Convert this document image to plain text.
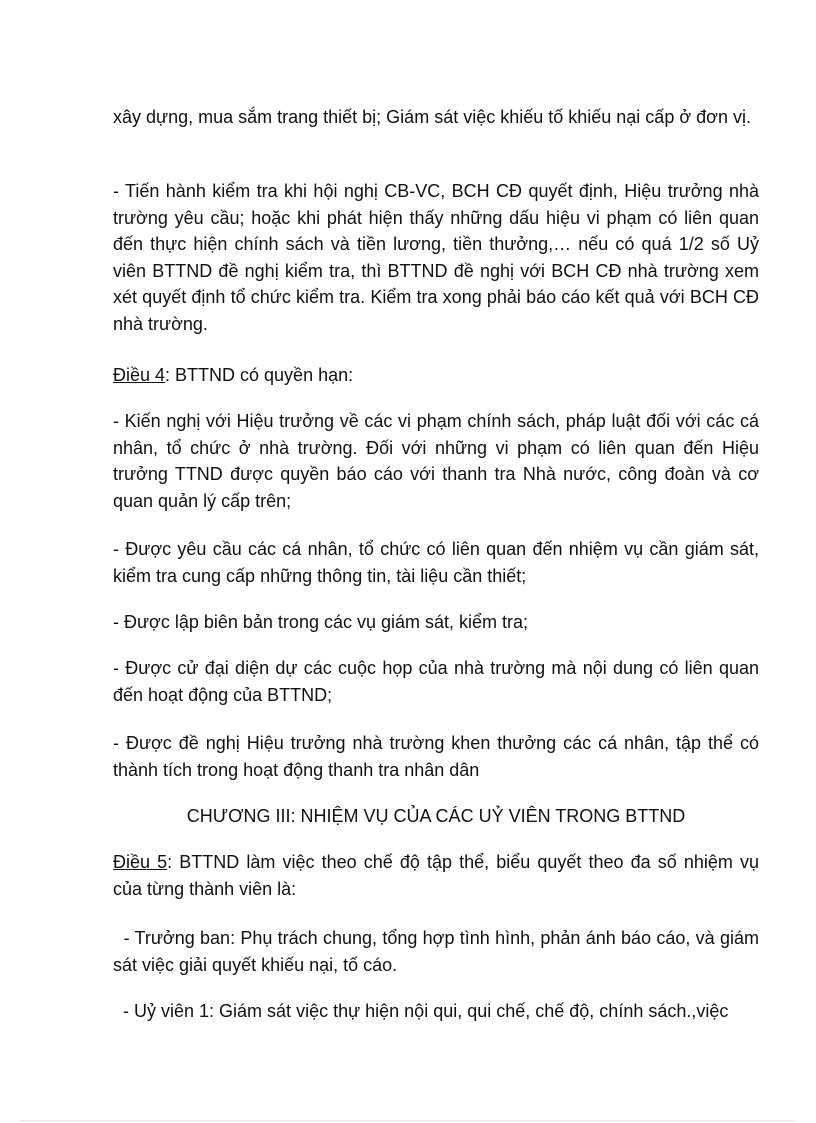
xây dựng, mua sắm trang thiết bị; Giám sát việc khiếu tố khiếu nại cấp ở đơn vị.

- Tiến hành kiểm tra khi hội nghị CB-VC, BCH CĐ quyết định, Hiệu trưởng nhà trường yêu cầu; hoặc khi phát hiện thấy những dấu hiệu vi phạm có liên quan đến thực hiện chính sách và tiền lương, tiền thưởng,… nếu có quá 1/2 số Uỷ viên BTTND đề nghị kiểm tra, thì BTTND đề nghị với BCH CĐ nhà trường xem xét quyết định tổ chức kiểm tra. Kiểm tra xong phải báo cáo kết quả với BCH CĐ nhà trường.

Điều 4: BTTND có quyền hạn:

- Kiến nghị với Hiệu trưởng về các vi phạm chính sách, pháp luật đối với các cá nhân, tổ chức ở nhà trường. Đối với những vi phạm có liên quan đến Hiệu trưởng TTND được quyền báo cáo với thanh tra Nhà nước, công đoàn và cơ quan quản lý cấp trên;

- Được yêu cầu các cá nhân, tổ chức có liên quan đến nhiệm vụ cần giám sát, kiểm tra cung cấp những thông tin, tài liệu cần thiết;

- Được lập biên bản trong các vụ giám sát, kiểm tra;

- Được cử đại diện dự các cuộc họp của nhà trường mà nội dung có liên quan đến hoạt động của BTTND;

- Được đề nghị Hiệu trưởng nhà trường khen thưởng các cá nhân, tập thể có thành tích trong hoạt động thanh tra nhân dân

CHƯƠNG III: NHIỆM VỤ CỦA CÁC UỶ VIÊN TRONG BTTND

Điều 5: BTTND làm việc theo chế độ tập thể, biểu quyết theo đa số nhiệm vụ của từng thành viên là:

- Trưởng ban: Phụ trách chung, tổng hợp tình hình, phản ánh báo cáo, và giám sát việc giải quyết khiếu nại, tố cáo.

- Uỷ viên 1: Giám sát việc thự hiện nội qui, qui chế, chế độ, chính sách.,việc
